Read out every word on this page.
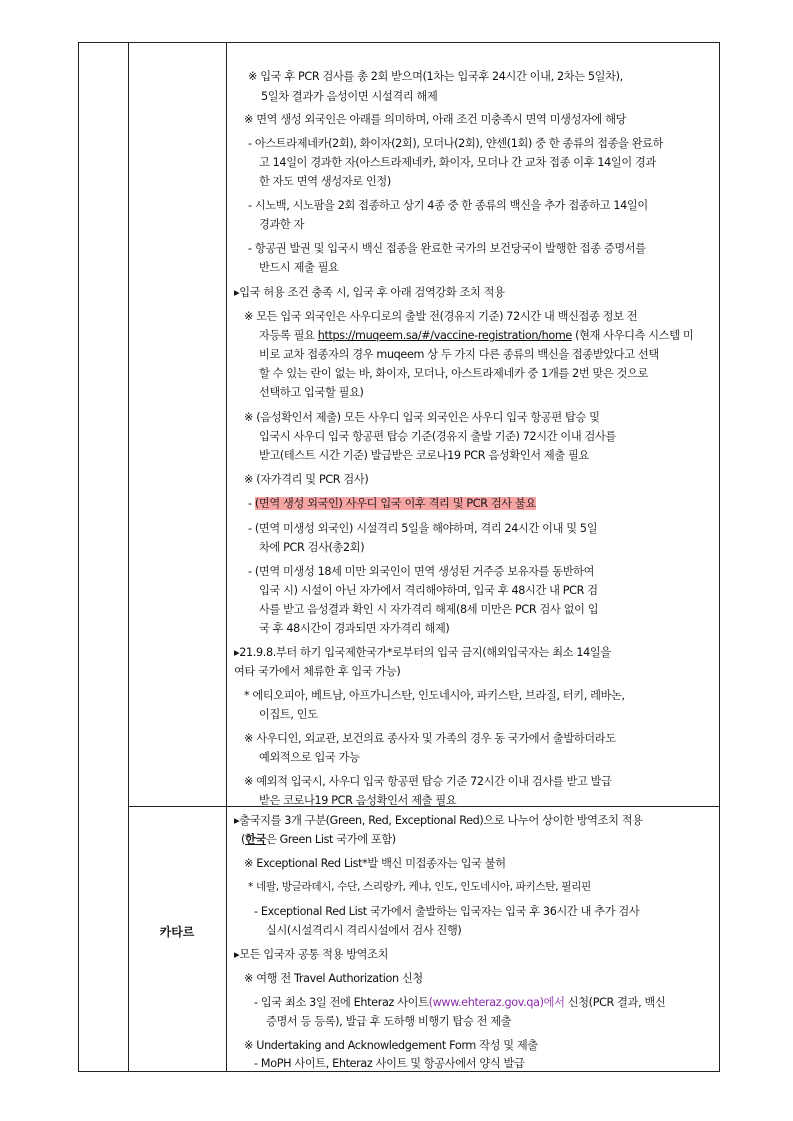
카타르
※ 입국 후 PCR 검사를 총 2회 받으며(1차는 입국후 24시간 이내, 2차는 5일차),
5일차 결과가 음성이면 시설격리 해제
※ 면역 생성 외국인은 아래를 의미하며, 아래 조건 미충족시 면역 미생성자에 해당
- 아스트라제네카(2회), 화이자(2회), 모더나(2회), 얀센(1회) 중 한 종류의 접종을 완료하
고 14일이 경과한 자(아스트라제네카, 화이자, 모더나 간 교차 접종 이후 14일이 경과
한 자도 면역 생성자로 인정)
- 시노백, 시노팜을 2회 접종하고 상기 4종 중 한 종류의 백신을 추가 접종하고 14일이
경과한 자
- 항공권 발권 및 입국시 백신 접종을 완료한 국가의 보건당국이 발행한 접종 증명서를
반드시 제출 필요
▸입국 허용 조건 충족 시, 입국 후 아래 검역강화 조치 적용
※ 모든 입국 외국인은 사우디로의 출발 전(경유지 기준) 72시간 내 백신접종 정보 전
자등록 필요 https://muqeem.sa/#/vaccine-registration/home (현재 사우디측 시스템 미
비로 교차 접종자의 경우 muqeem 상 두 가지 다른 종류의 백신을 접종받았다고 선택
할 수 있는 란이 없는 바, 화이자, 모더나, 아스트라제네카 중 1개를 2번 맞은 것으로
선택하고 입국할 필요)
※ (음성확인서 제출) 모든 사우디 입국 외국인은 사우디 입국 항공편 탑승 및
입국시 사우디 입국 항공편 탑승 기준(경유지 출발 기준) 72시간 이내 검사를
받고(테스트 시간 기준) 발급받은 코로나19 PCR 음성확인서 제출 필요
※ (자가격리 및 PCR 검사)
- (면역 생성 외국인) 사우디 입국 이후 격리 및 PCR 검사 불요
- (면역 미생성 외국인) 시설격리 5일을 해야하며, 격리 24시간 이내 및 5일
차에 PCR 검사(총2회)
- (면역 미생성 18세 미만 외국인이 면역 생성된 거주증 보유자를 동반하여
입국 시) 시설이 아닌 자가에서 격리해야하며, 입국 후 48시간 내 PCR 검
사를 받고 음성결과 확인 시 자가격리 해제(8세 미만은 PCR 검사 없이 입
국 후 48시간이 경과되면 자가격리 해제)
▸21.9.8.부터 하기 입국제한국가*로부터의 입국 금지(해외입국자는 최소 14일을
여타 국가에서 체류한 후 입국 가능)
* 에티오피아, 베트남, 아프가니스탄, 인도네시아, 파키스탄, 브라질, 터키, 레바논,
이집트, 인도
※ 사우디인, 외교관, 보건의료 종사자 및 가족의 경우 동 국가에서 출발하더라도
예외적으로 입국 가능
※ 예외적 입국시, 사우디 입국 항공편 탑승 기준 72시간 이내 검사를 받고 발급
받은 코로나19 PCR 음성확인서 제출 필요
▸출국지를 3개 구분(Green, Red, Exceptional Red)으로 나누어 상이한 방역조치 적용
(한국은 Green List 국가에 포함)
※ Exceptional Red List*발 백신 미접종자는 입국 불허
* 네팔, 방글라데시, 수단, 스리랑카, 케냐, 인도, 인도네시아, 파키스탄, 필리핀
- Exceptional Red List 국가에서 출발하는 입국자는 입국 후 36시간 내 추가 검사
실시(시설격리시 격리시설에서 검사 진행)
▸모든 입국자 공통 적용 방역조치
※ 여행 전 Travel Authorization 신청
- 입국 최소 3일 전에 Ehteraz 사이트(www.ehteraz.gov.qa)에서 신청(PCR 결과, 백신
증명서 등 등록), 발급 후 도하행 비행기 탑승 전 제출
※ Undertaking and Acknowledgement Form 작성 및 제출
- MoPH 사이트, Ehteraz 사이트 및 항공사에서 양식 발급
